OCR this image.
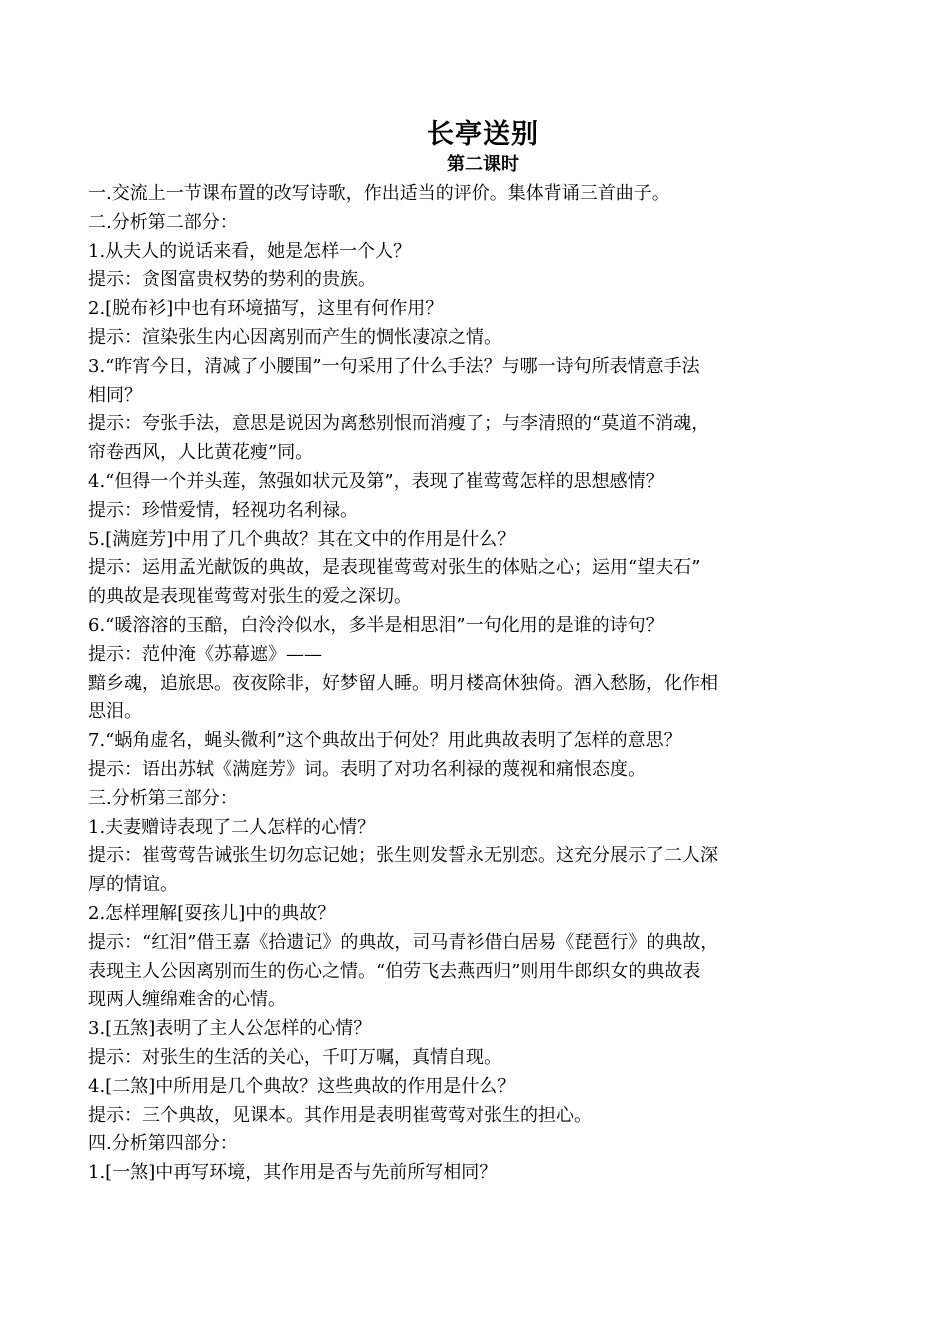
长亭送别
第二课时
一.交流上一节课布置的改写诗歌，作出适当的评价。集体背诵三首曲子。
二.分析第二部分：
1.从夫人的说话来看，她是怎样一个人？
提示：贪图富贵权势的势利的贵族。
2.[脱布衫]中也有环境描写，这里有何作用？
提示：渲染张生内心因离别而产生的惆怅凄凉之情。
3.“昨宵今日，清减了小腰围”一句采用了什么手法？与哪一诗句所表情意手法
相同？
提示：夸张手法，意思是说因为离愁别恨而消瘦了；与李清照的“莫道不消魂，
帘卷西风，人比黄花瘦”同。
4.“但得一个并头莲，煞强如状元及第”，表现了崔莺莺怎样的思想感情？
提示：珍惜爱情，轻视功名利禄。
5.[满庭芳]中用了几个典故？其在文中的作用是什么？
提示：运用孟光献饭的典故，是表现崔莺莺对张生的体贴之心；运用“望夫石”
的典故是表现崔莺莺对张生的爱之深切。
6.“暖溶溶的玉醅，白泠泠似水，多半是相思泪”一句化用的是谁的诗句？
提示：范仲淹《苏幕遮》——
黯乡魂，追旅思。夜夜除非，好梦留人睡。明月楼高休独倚。酒入愁肠，化作相
思泪。
7.“蜗角虚名，蝇头微利”这个典故出于何处？用此典故表明了怎样的意思？
提示：语出苏轼《满庭芳》词。表明了对功名利禄的蔑视和痛恨态度。
三.分析第三部分：
1.夫妻赠诗表现了二人怎样的心情？
提示：崔莺莺告诫张生切勿忘记她；张生则发誓永无别恋。这充分展示了二人深
厚的情谊。
2.怎样理解[耍孩儿]中的典故？
提示：“红泪”借王嘉《拾遗记》的典故，司马青衫借白居易《琵琶行》的典故，
表现主人公因离别而生的伤心之情。“伯劳飞去燕西归”则用牛郎织女的典故表
现两人缠绵难舍的心情。
3.[五煞]表明了主人公怎样的心情？
提示：对张生的生活的关心，千叮万嘱，真情自现。
4.[二煞]中所用是几个典故？这些典故的作用是什么？
提示：三个典故，见课本。其作用是表明崔莺莺对张生的担心。
四.分析第四部分：
1.[一煞]中再写环境，其作用是否与先前所写相同？
